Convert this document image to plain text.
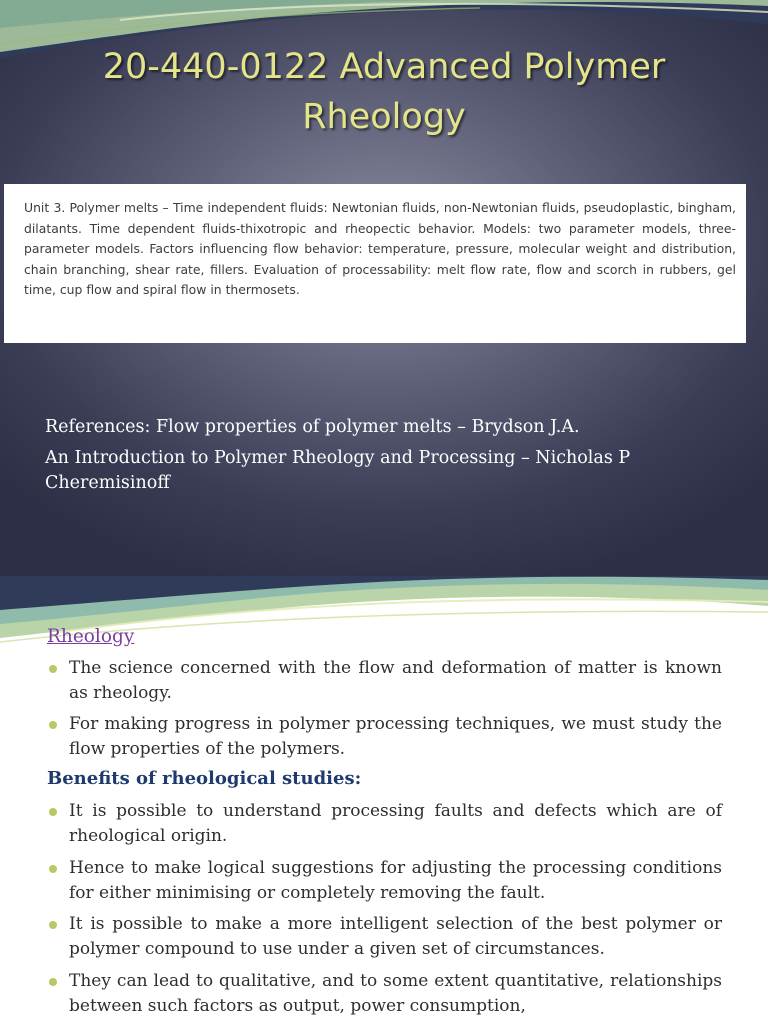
20-440-0122 Advanced Polymer
Rheology
Unit 3. Polymer melts – Time independent fluids: Newtonian fluids, non-Newtonian fluids, pseudoplastic, bingham, dilatants. Time dependent fluids-thixotropic and rheopectic behavior. Models: two parameter models, three-parameter models. Factors influencing flow behavior: temperature, pressure, molecular weight and distribution, chain branching, shear rate, fillers. Evaluation of processability: melt flow rate, flow and scorch in rubbers, gel time, cup flow and spiral flow in thermosets.

References: Flow properties of polymer melts – Brydson J.A.

An Introduction to Polymer Rheology and Processing – Nicholas P Cheremisinoff

Rheology
The science concerned with the flow and deformation of matter is known as rheology.
For making progress in polymer processing techniques, we must study the flow properties of the polymers.
Benefits of rheological studies:
It is possible to understand processing faults and defects which are of rheological origin.
Hence to make logical suggestions for adjusting the processing conditions for either minimising or completely removing the fault.
It is possible to make a more intelligent selection of the best polymer or polymer compound to use under a given set of circumstances.
They can lead to qualitative, and to some extent quantitative, relationships between such factors as output, power consumption,
